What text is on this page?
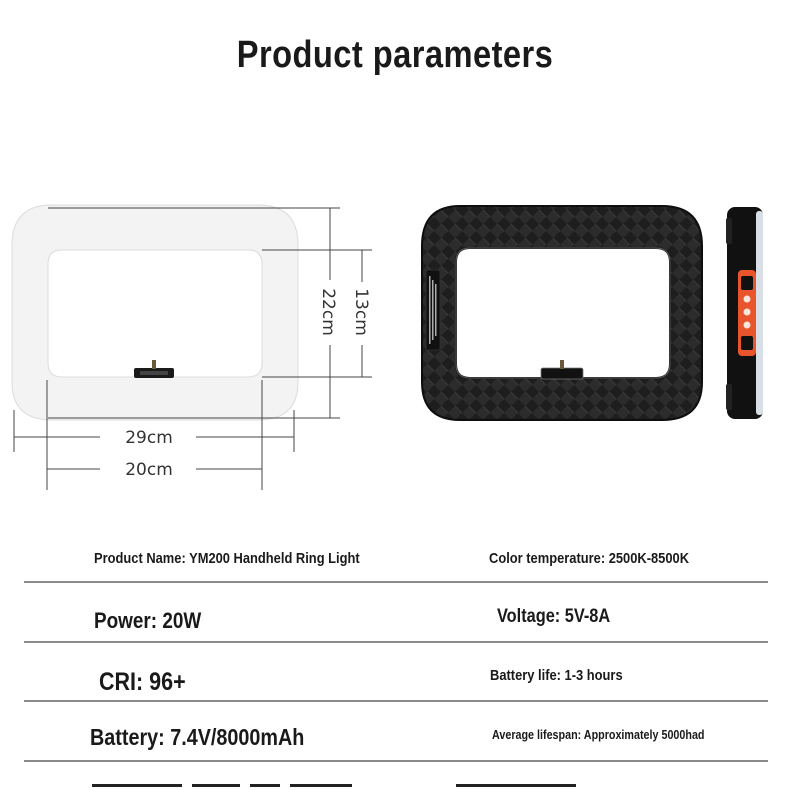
Product parameters
22cm 13cm
29cm
20cm
Product Name: YM200 Handheld Ring Light	Color temperature: 2500K-8500K
Power: 20W	Voltage: 5V-8A
CRI: 96+	Battery life: 1-3 hours
Battery: 7.4V/8000mAh	Average lifespan: Approximately 5000had
